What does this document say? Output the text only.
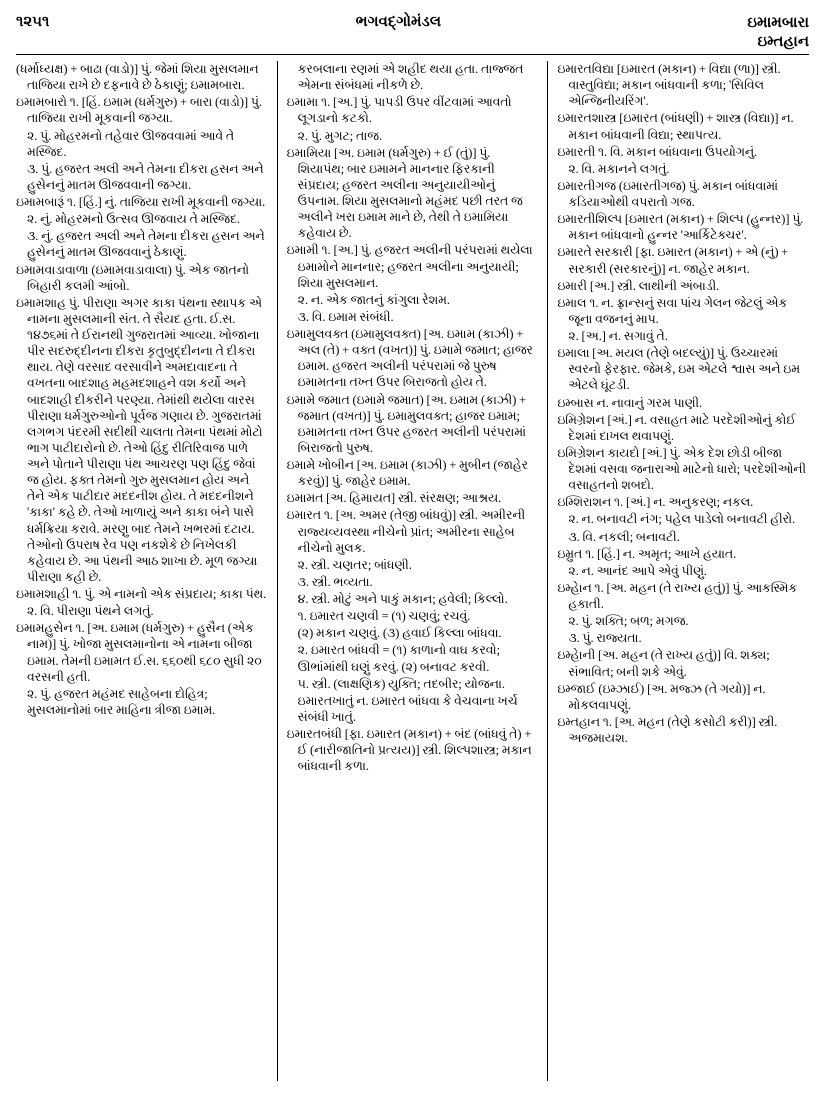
૧૨૫૧	ભગવદ્ગોમંડલ	ઇમામબારા
ઇમ્તહાન

(ધર્માધ્યક્ષ) + બાઢા (વાડો)] પું. જેમાં શિયા મુસલમાન તાજિયા રાખે છે દફનાવે છે ઠેકાણું; ઇમામબારા.

ઇમામબારો ૧. [હિં. ઇમામ (ધર્મગુરુ) + બારા (વાડો)] પું. તાજિયા રાખી મૂકવાની જગ્યા.

૨. પું. મોહરમનો તહેવાર ઊજવવામાં આવે તે મસ્જિદ.

૩. પું. હજરત અલી અને તેમના દીકરા હસન અને હુસેનનું માતમ ઊજવવાની જગ્યા.

ઇમામબારૂં ૧. [હિં.] નું. તાજિયા રાખી મૂકવાની જગ્યા.

૨. નું. મોહરમનો ઉત્સવ ઊજવાય તે મસ્જિદ.

૩. નું. હજરત અલી અને તેમના દીકરા હસન અને હુસેનનું માતમ ઊજવવાનું ઠેકાણું.

ઇમામવાડાવાળા (ઇમામવાડાવાલા) પું. એક જાતનો બિહારી કલમી આંબો.

ઇમામશાહ પું. પીરાણા અગર કાકા પંથના સ્થાપક એ નામના મુસલમાની સંત. તે સૈયદ હતા. ઈ.સ. ૧૪૭૬માં તે ઈરાનથી ગુજરાતમાં આવ્યા. ખોજાના પીર સદરુદ્દીનના દીકરા કૃતુબુદ્દીનના તે દીકરા થાય. તેણે વરસાદ વરસાવીને અમદાવાદના તે વખતના બાદશાહ મહમદશાહને વશ કર્યો અને બાદશાહી દીકરીને પરણ્યા. તેમાંથી થયેલા વારસ પીરાણા ધર્મગુરુઓનો પૂર્વજ ગણાય છે. ગુજરાતમાં લગભગ પંદરમી સદીથી ચાલતા તેમના પંથમાં મોટો ભાગ પાટીદારોનો છે. તેઓ હિંદુ રીતિરિવાજ પાળે અને પોતાને પીરાણા પંથ આચરણ પણ હિંદુ જેવાં જ હોય. ફક્ત તેમનો ગુરુ મુસલમાન હોય અને તેને એક પાટીદાર મદદનીશ હોય. તે મદદનીશને 'કાકા' કહે છે. તેઓ ખાળાયું અને કાકા બંને પાસે ધર્મક્રિયા કરાવે. મરણુ બાદ તેમને ખભરમાં દટાય. તેઓનો ઉપરાષ રેવ પણ નકશેકે છે નિખેલકી કહેવાય છે. આ પંથની આઠ શાખા છે. મૂળ જગ્યા પીરાણા કહી છે.

ઇમામશાહી ૧. પું. એ નામનો એક સંપ્રદાય; કાકા પંથ.

૨. વિ. પીરાણા પંથને લગતું.

ઇમામહુસેન ૧. [અ. ઇમામ (ધર્મગુરુ) + હુસૈન (એક નામ)] પું. ખોજા મુસલમાનોના એ નામના બીજા ઇમામ. તેમની ઇમામત ઈ.સ. ૬૬૦થી ૬૮૦ સુધી ૨૦ વરસની હતી.

૨. પું. હજરત મહંમદ સાહેબના દોહિત્ર; મુસલમાનોમાં બાર માહિના ત્રીજા ઇમામ.

કરબલાના રણમાં એ શહીદ થયા હતા. તાજ્જત એમના સંબંધમાં નીકળે છે.

ઇમામા ૧. [અ.] પું. પાપડી ઉપર વીંટવામાં આવતો લૂગડાનો કટકો.

૨. પું. મુગટ; તાજ.

ઇમામિયા [અ. ઇમામ (ધર્મગુરુ) + ઈ (તું)] પું. શિયાપંથ; બાર ઇમામને માનનાર ફિરકાની સંપ્રદાય; હજરત અલીના અનુયાયીઓનું ઉપનામ. શિયા મુસલમાનો મહંમદ પછી તરત જ અલીને ખરા ઇમામ માને છે, તેથી તે ઇમામિયા કહેવાય છે.

ઇમામી ૧. [અ.] પું. હજરત અલીની પરંપરામાં થયેલા ઇમામોને માનનાર; હજરત અલીના અનુયાયી; શિયા મુસલમાન.

૨. ન. એક જાતનું કાંગુલા રેશમ.

૩. વિ. ઇમામ સંબંધી.

ઇમામુલવક્ત (ઇમામુલવક્ત) [અ. ઇમામ (કાઝી) + અલ (તે) + વક્ત (વખત)] પું. ઇમામે જમાત; હાજર ઇમામ. હજરત અલીની પરંપરામાં જે પુરુષ ઇમામતના તખ્ત ઉપર બિરાજતો હોય તે.

ઇમામે જમાત (ઇમામે જમાત) [અ. ઇમામ (કાઝી) + જમાત (વખત)] પું. ઇમામુલવક્ત; હાજર ઇમામ; ઇમામતના તખ્ત ઉપર હજરત અલીની પરંપરામાં બિરાજતો પુરુષ.

ઇમામે ખોબીન [અ. ઇમામ (કાઝી) + મુબીન (જાહેર કરવું)] પું. જાહેર ઇમામ.

ઇમામત [અ. હિમાયત] સ્ત્રી. સંરક્ષણ; આશ્રય.

ઇમારત ૧. [અ. અમર (તેજી બાંધવું)] સ્ત્રી. અમીરની રાજ્યવ્યવસ્થા નીચેનો પ્રાંત; અમીરના સાહેબ નીચેનો મુલક.

૨. સ્ત્રી. ચણતર; બાંધણી.

૩. સ્ત્રી. ભવ્યતા.

૪. સ્ત્રી. મોટું અને પાકું મકાન; હવેલી; કિલ્લો.

૧. ઇમારત ચણવી = (૧) ચણવું; રચવું.

(૨) મકાન ચણવું. (૩) હવાઈ કિલ્લા બાંધવા.

૨. ઇમારત બાંધવી = (૧) કાળાનો વાઘ કરવો; ઊભાંમાંથી ઘણું કરવું. (૨) બનાવટ કરવી.

૫. સ્ત્રી. (લાક્ષણિક) યુક્તિ; તદબીર; યોજના.

ઇમારતખાતું ન. ઇમારત બાંધવા કે વેચવાના ખર્ચ સંબંધી ખાતું.

ઇમારતબંધી [ફા. ઇમારત (મકાન) + બંદ (બાંધવું તે) + ઈ (નારીજાતિનો પ્રત્યય)] સ્ત્રી. શિલ્પશાસ્ત્ર; મકાન બાંધવાની કળા.

ઇમારતવિદ્યા [ઇમારત (મકાન) + વિદ્યા (ળા)] સ્ત્રી. વાસ્તુવિદ્યા; મકાન બાંધવાની કળા; 'સિવિલ એન્જિનીયરિંગ'.

ઇમારતશાસ્ત્ર [ઇમારત (બાંધણી) + શાસ્ત્ર (વિદ્યા)] ન. મકાન બાંધવાની વિદ્યા; સ્થાપત્ય.

ઇમારતી ૧. વિ. મકાન બાંધવાના ઉપયોગનું.

૨. વિ. મકાનને લગતું.

ઇમારતીગજ (ઇમારતીગજ) પું. મકાન બાંધવામાં કડિયાઓથી વપરાતો ગજ.

ઇમારતીશિલ્પ [ઇમારત (મકાન) + શિલ્પ (હુન્નર)] પું. મકાન બાંધવાનો હુન્નર 'આર્કિટેક્ચર'.

ઇમારતે સરકારી [ફા. ઇમારત (મકાન) + એ (નું) + સરકારી (સરકારનું)] ન. જાહેર મકાન.

ઇમારી [અ.] સ્ત્રી. લાથીની અંબાડી.

ઇમાલ ૧. ન. ફ્રાન્સનું સવા પાંચ ગેલન જેટલું એક જૂના વજનનું માપ.

૨. [અ.] ન. સગાવું તે.

ઇમાલા [અ. મયલ (તેણે બદલ્યું)] પું. ઉચ્ચારમાં સ્વરનો ફેરફાર. જેમકે, ઇમ એટલે શ્વાસ અને ઇમ એટલે ઘૂંટડી.

ઇમ્બાસ ન. નાવાનું ગરમ પાણી.

ઇમિગ્રેશન [અં.] ન. વસાહત માટે પરદેશીઓનું કોઈ દેશમાં દાખલ થવાપણું.

ઇમિગ્રેશન કાયદો [અં.] પું. એક દેશ છોડી બીજા દેશમાં વસવા જનારાઓ માટેનો ધારો; પરદેશીઓની વસાહતનો શબદો.

ઇમ્શિરાશન ૧. [અં.] ન. અનુકરણ; નકલ.

૨. ન. બનાવટી નંગ; પહેલ પાડેલો બનાવટી હીરો.

૩. વિ. નકલી; બનાવટી.

ઇમ્રુત ૧. [હિં.] ન. અમૃત; આખે હયાત.

૨. ન. આનંદ આપે એવું પીણું.

ઇમ્હેાન ૧. [અ. મહન (તે રાખ્ય હતું)] પું. આકસ્મિક હકાતી.

૨. પું. શક્તિ; બળ; મગજ.

૩. પું. રાજ્યતા.

ઇમ્હેાની [અ. મહન (તે રાખ્ય હતું)] વિ. શક્ય; સંભાવિત; બની શકે એવું.

ઇમ્જાઈ (ઇમ્ઝાઈ) [અ. મજ્ઝ (તે ગયો)] ન. મોકલવાપણું.

ઇમ્તહાન ૧. [અ. મહન (તેણે કસોટી કરી)] સ્ત્રી. અજમાયશ.
